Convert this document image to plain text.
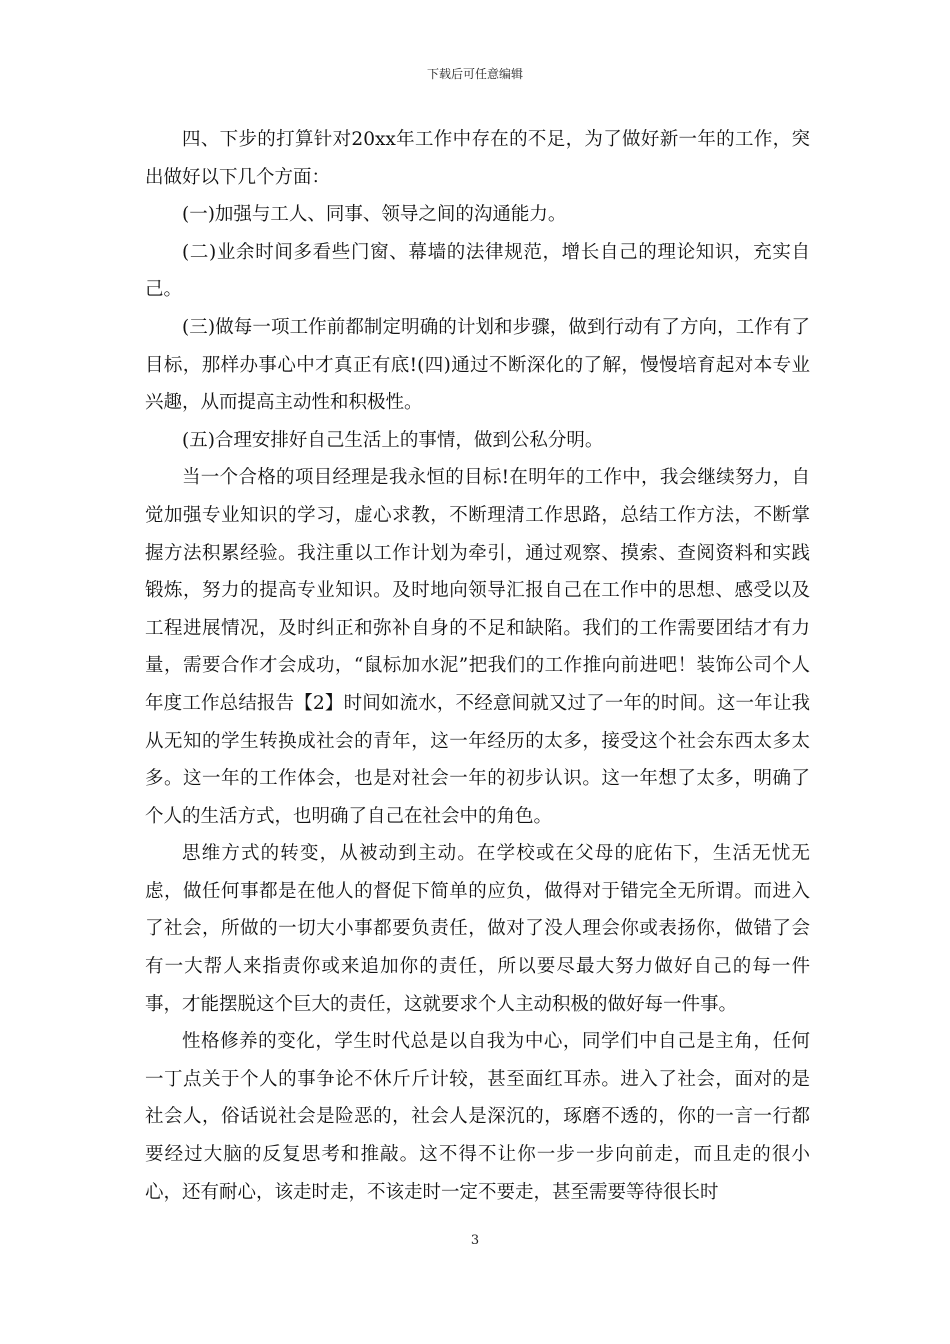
下载后可任意编辑

四、下步的打算针对20xx年工作中存在的不足，为了做好新一年的工作，突出做好以下几个方面：

(一)加强与工人、同事、领导之间的沟通能力。

(二)业余时间多看些门窗、幕墙的法律规范，增长自己的理论知识，充实自己。

(三)做每一项工作前都制定明确的计划和步骤，做到行动有了方向，工作有了目标，那样办事心中才真正有底!(四)通过不断深化的了解，慢慢培育起对本专业兴趣，从而提高主动性和积极性。

(五)合理安排好自己生活上的事情，做到公私分明。

当一个合格的项目经理是我永恒的目标!在明年的工作中，我会继续努力，自觉加强专业知识的学习，虚心求教，不断理清工作思路，总结工作方法，不断掌握方法积累经验。我注重以工作计划为牵引，通过观察、摸索、查阅资料和实践锻炼，努力的提高专业知识。及时地向领导汇报自己在工作中的思想、感受以及工程进展情况，及时纠正和弥补自身的不足和缺陷。我们的工作需要团结才有力量，需要合作才会成功，“鼠标加水泥”把我们的工作推向前进吧！装饰公司个人年度工作总结报告【2】时间如流水，不经意间就又过了一年的时间。这一年让我从无知的学生转换成社会的青年，这一年经历的太多，接受这个社会东西太多太多。这一年的工作体会，也是对社会一年的初步认识。这一年想了太多，明确了个人的生活方式，也明确了自己在社会中的角色。

思维方式的转变，从被动到主动。在学校或在父母的庇佑下，生活无忧无虑，做任何事都是在他人的督促下简单的应负，做得对于错完全无所谓。而进入了社会，所做的一切大小事都要负责任，做对了没人理会你或表扬你，做错了会有一大帮人来指责你或来追加你的责任，所以要尽最大努力做好自己的每一件事，才能摆脱这个巨大的责任，这就要求个人主动积极的做好每一件事。

性格修养的变化，学生时代总是以自我为中心，同学们中自己是主角，任何一丁点关于个人的事争论不休斤斤计较，甚至面红耳赤。进入了社会，面对的是社会人，俗话说社会是险恶的，社会人是深沉的，琢磨不透的，你的一言一行都要经过大脑的反复思考和推敲。这不得不让你一步一步向前走，而且走的很小心，还有耐心，该走时走，不该走时一定不要走，甚至需要等待很长时

3
